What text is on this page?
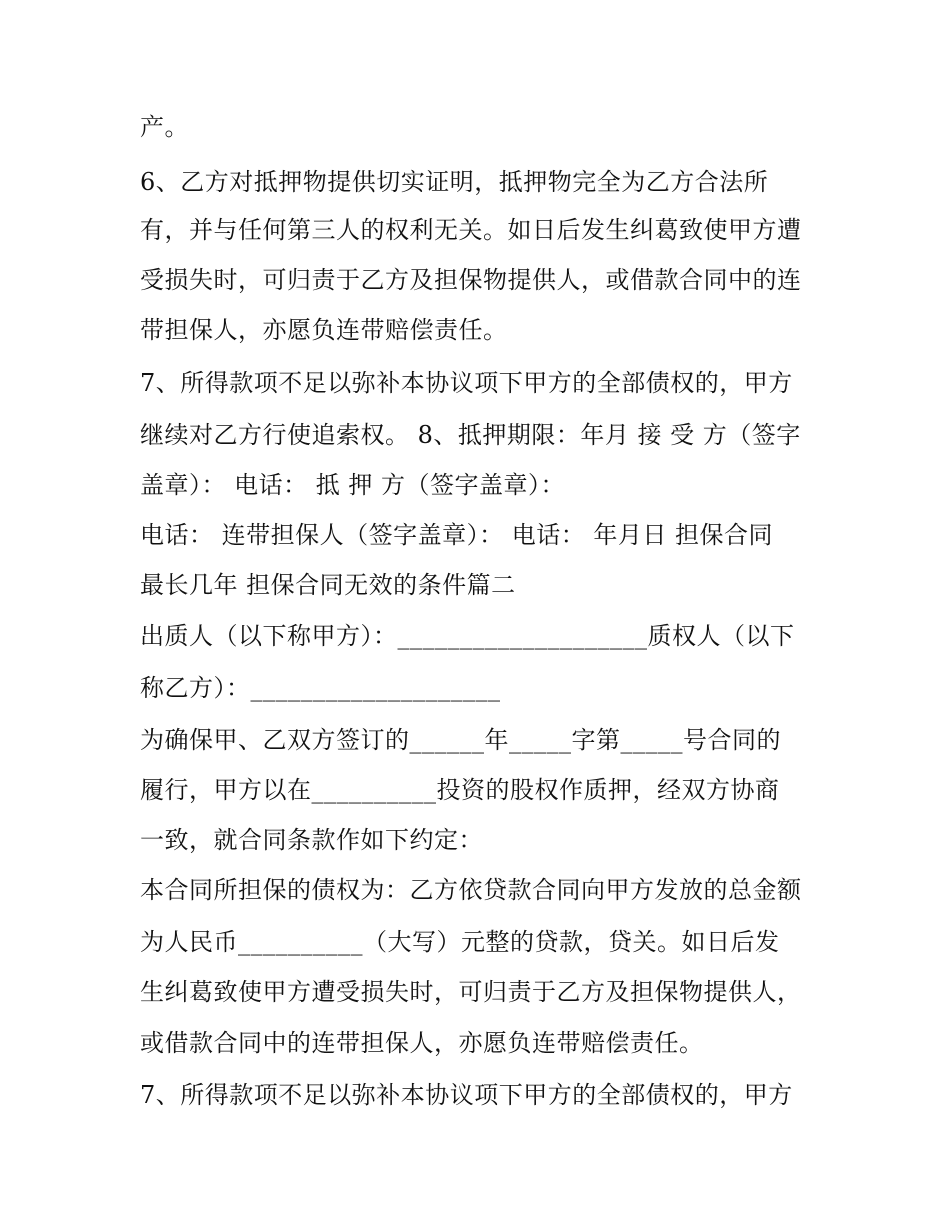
产。
6、乙方对抵押物提供切实证明，抵押物完全为乙方合法所
有，并与任何第三人的权利无关。如日后发生纠葛致使甲方遭
受损失时，可归责于乙方及担保物提供人，或借款合同中的连
带担保人，亦愿负连带赔偿责任。
7、所得款项不足以弥补本协议项下甲方的全部债权的，甲方
继续对乙方行使追索权。 8、抵押期限：年月 接 受 方（签字
盖章）： 电话： 抵 押 方（签字盖章）：
电话： 连带担保人（签字盖章）： 电话： 年月日 担保合同
最长几年 担保合同无效的条件篇二
出质人（以下称甲方）：____________________质权人（以下
称乙方）：____________________
为确保甲、乙双方签订的______年_____字第_____号合同的
履行，甲方以在__________投资的股权作质押，经双方协商
一致，就合同条款作如下约定：
本合同所担保的债权为：乙方依贷款合同向甲方发放的总金额
为人民币__________（大写）元整的贷款，贷关。如日后发
生纠葛致使甲方遭受损失时，可归责于乙方及担保物提供人，
或借款合同中的连带担保人，亦愿负连带赔偿责任。
7、所得款项不足以弥补本协议项下甲方的全部债权的，甲方
